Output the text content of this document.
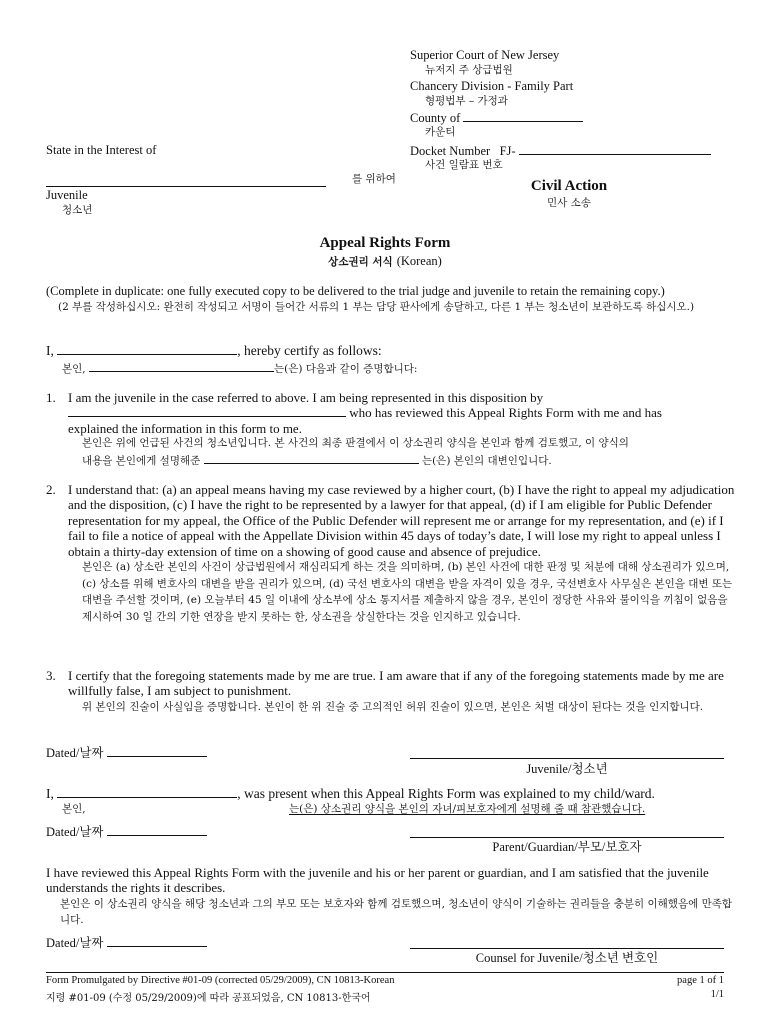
Superior Court of New Jersey
뉴저지 주 상급법원
Chancery Division - Family Part
형평법부 – 가정과
County of
카운티
State in the Interest of	Docket Number FJ-
사건 일람표 번호
를 위하여
Juvenile
청소년
Civil Action
민사 소송
Appeal Rights Form
상소권리 서식 (Korean)
(Complete in duplicate: one fully executed copy to be delivered to the trial judge and juvenile to retain the remaining copy.)
(2 부를 작성하십시오: 완전히 작성되고 서명이 들어간 서류의 1 부는 담당 판사에게 송달하고, 다른 1 부는 청소년이 보관하도록 하십시오.)
I,	, hereby certify as follows:
본인,	는(은) 다음과 같이 증명합니다:
1. I am the juvenile in the case referred to above. I am being represented in this disposition by
who has reviewed this Appeal Rights Form with me and has
explained the information in this form to me.
본인은 위에 언급된 사건의 청소년입니다. 본 사건의 최종 판결에서 이 상소권리 양식을 본인과 함께 검토했고, 이 양식의
내용을 본인에게 설명해준	는(은) 본인의 대변인입니다.
2. I understand that: (a) an appeal means having my case reviewed by a higher court, (b) I have the right to appeal my adjudication and the disposition, (c) I have the right to be represented by a lawyer for that appeal, (d) if I am eligible for Public Defender representation for my appeal, the Office of the Public Defender will represent me or arrange for my representation, and (e) if I fail to file a notice of appeal with the Appellate Division within 45 days of today’s date, I will lose my right to appeal unless I obtain a thirty-day extension of time on a showing of good cause and absence of prejudice.
본인은 (a) 상소란 본인의 사건이 상급법원에서 재심리되게 하는 것을 의미하며, (b) 본인 사건에 대한 판정 및 처분에 대해 상소권리가 있으며, (c) 상소를 위해 변호사의 대변을 받을 권리가 있으며, (d) 국선 변호사의 대변을 받을 자격이 있을 경우, 국선변호사 사무실은 본인을 대변 또는 대변을 주선할 것이며, (e) 오늘부터 45 일 이내에 상소부에 상소 통지서를 제출하지 않을 경우, 본인이 정당한 사유와 불이익을 끼침이 없음을 제시하여 30 일 간의 기한 연장을 받지 못하는 한, 상소권을 상실한다는 것을 인지하고 있습니다.
3. I certify that the foregoing statements made by me are true. I am aware that if any of the foregoing statements made by me are willfully false, I am subject to punishment.
위 본인의 진술이 사실임을 증명합니다. 본인이 한 위 진술 중 고의적인 허위 진술이 있으면, 본인은 처벌 대상이 된다는 것을 인지합니다.
Dated/날짜
Juvenile/청소년
I,	, was present when this Appeal Rights Form was explained to my child/ward.
본인,	는(은) 상소권리 양식을 본인의 자녀/피보호자에게 설명해 줄 때 참관했습니다.
Dated/날짜
Parent/Guardian/부모/보호자
I have reviewed this Appeal Rights Form with the juvenile and his or her parent or guardian, and I am satisfied that the juvenile understands the rights it describes.
본인은 이 상소권리 양식을 해당 청소년과 그의 부모 또는 보호자와 함께 검토했으며, 청소년이 양식이 기술하는 권리들을 충분히 이해했음에 만족합니다.
Dated/날짜
Counsel for Juvenile/청소년 변호인
Form Promulgated by Directive #01-09 (corrected 05/29/2009), CN 10813-Korean
지령 #01-09 (수정 05/29/2009)에 따라 공표되었음, CN 10813-한국어
page 1 of 1
1/1
